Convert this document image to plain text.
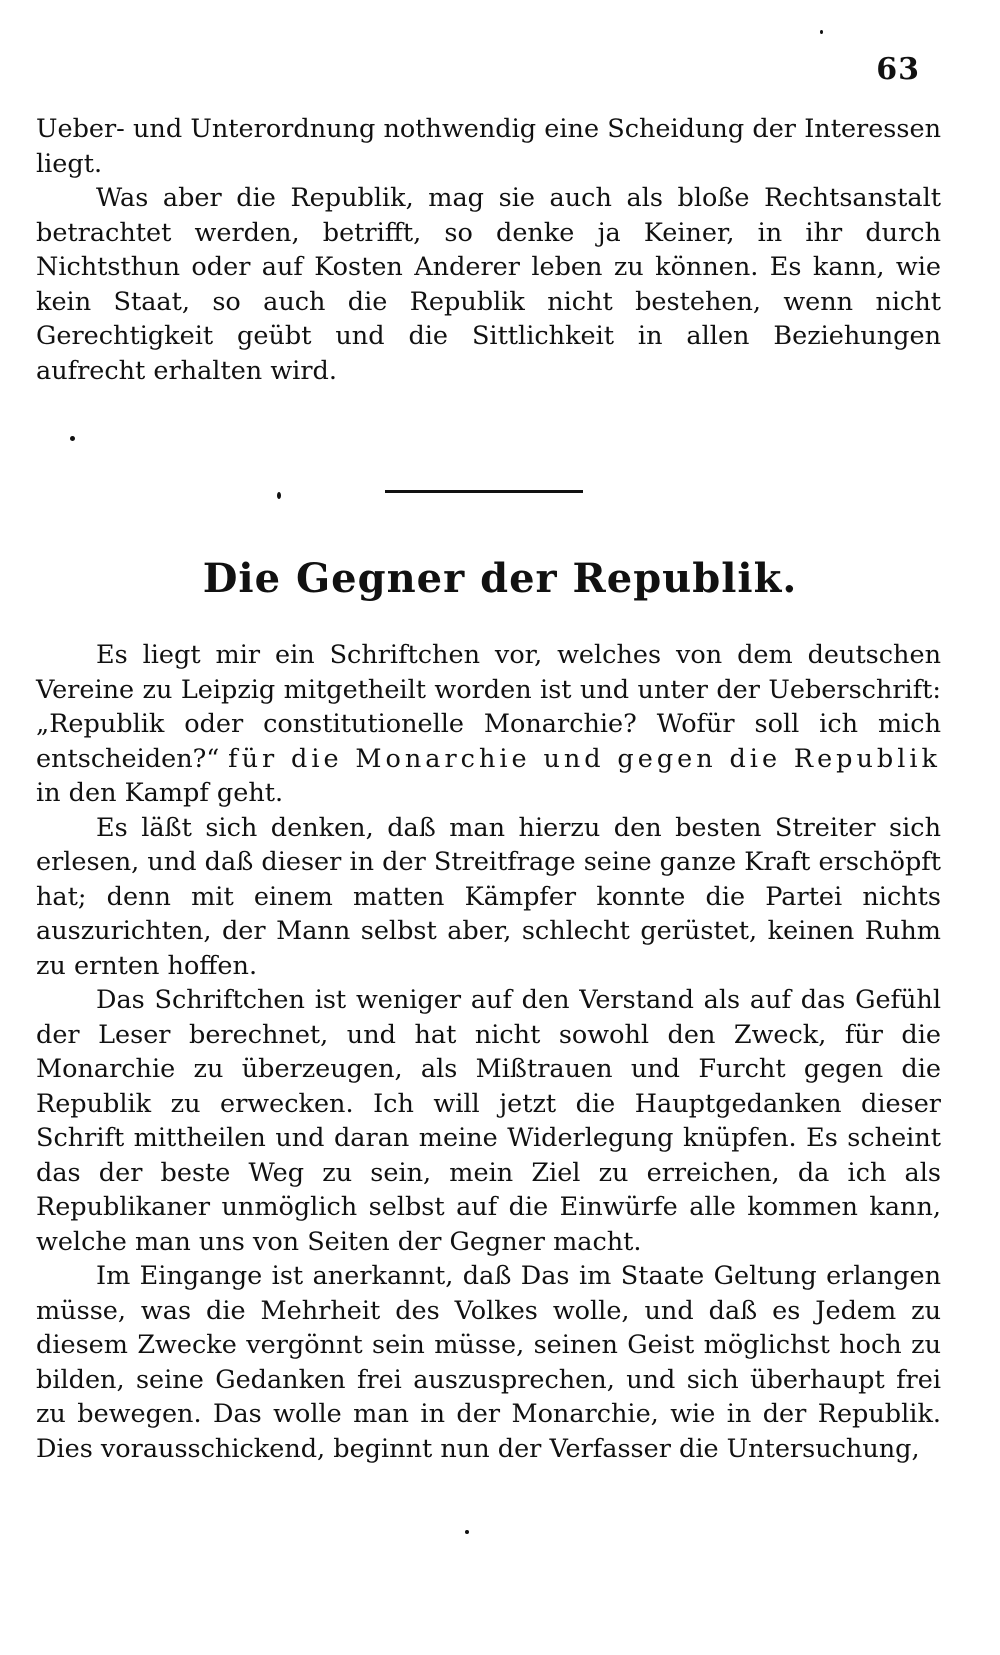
63

Ueber- und Unterordnung nothwendig eine Scheidung der Interessen liegt.

Was aber die Republik, mag sie auch als bloße Rechtsanstalt betrachtet werden, betrifft, so denke ja Keiner, in ihr durch Nichtsthun oder auf Kosten Anderer leben zu können. Es kann, wie kein Staat, so auch die Republik nicht bestehen, wenn nicht Gerechtigkeit geübt und die Sittlichkeit in allen Beziehungen aufrecht erhalten wird.

Die Gegner der Republik.

Es liegt mir ein Schriftchen vor, welches von dem deutschen Vereine zu Leipzig mitgetheilt worden ist und unter der Ueberschrift: „Republik oder constitutionelle Monarchie? Wofür soll ich mich entscheiden?“ für die Monarchie und gegen die Republik in den Kampf geht.

Es läßt sich denken, daß man hierzu den besten Streiter sich erlesen, und daß dieser in der Streitfrage seine ganze Kraft erschöpft hat; denn mit einem matten Kämpfer konnte die Partei nichts auszurichten, der Mann selbst aber, schlecht gerüstet, keinen Ruhm zu ernten hoffen.

Das Schriftchen ist weniger auf den Verstand als auf das Gefühl der Leser berechnet, und hat nicht sowohl den Zweck, für die Monarchie zu überzeugen, als Mißtrauen und Furcht gegen die Republik zu erwecken. Ich will jetzt die Hauptgedanken dieser Schrift mittheilen und daran meine Widerlegung knüpfen. Es scheint das der beste Weg zu sein, mein Ziel zu erreichen, da ich als Republikaner unmöglich selbst auf die Einwürfe alle kommen kann, welche man uns von Seiten der Gegner macht.

Im Eingange ist anerkannt, daß Das im Staate Geltung erlangen müsse, was die Mehrheit des Volkes wolle, und daß es Jedem zu diesem Zwecke vergönnt sein müsse, seinen Geist möglichst hoch zu bilden, seine Gedanken frei auszusprechen, und sich überhaupt frei zu bewegen. Das wolle man in der Monarchie, wie in der Republik. Dies vorausschickend, beginnt nun der Verfasser die Untersuchung,
